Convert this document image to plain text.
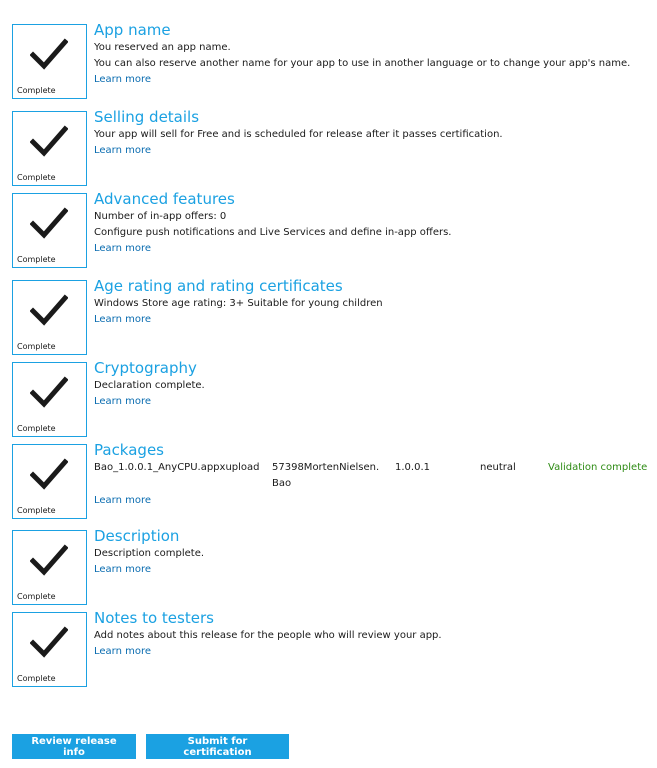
Complete
App name
You reserved an app name.
You can also reserve another name for your app to use in another language or to change your app's name.
Learn more
Complete
Selling details
Your app will sell for Free and is scheduled for release after it passes certification.
Learn more
Complete
Advanced features
Number of in-app offers: 0
Configure push notifications and Live Services and define in-app offers.
Learn more
Complete
Age rating and rating certificates
Windows Store age rating: 3+ Suitable for young children
Learn more
Complete
Cryptography
Declaration complete.
Learn more
Complete
Packages
Bao_1.0.0.1_AnyCPU.appxupload 57398MortenNielsen. Bao
1.0.0.1	neutral	Validation complete
Learn more
Complete
Description
Description complete.
Learn more
Complete
Notes to testers
Add notes about this release for the people who will review your app.
Learn more
Review release info
Submit for certification
